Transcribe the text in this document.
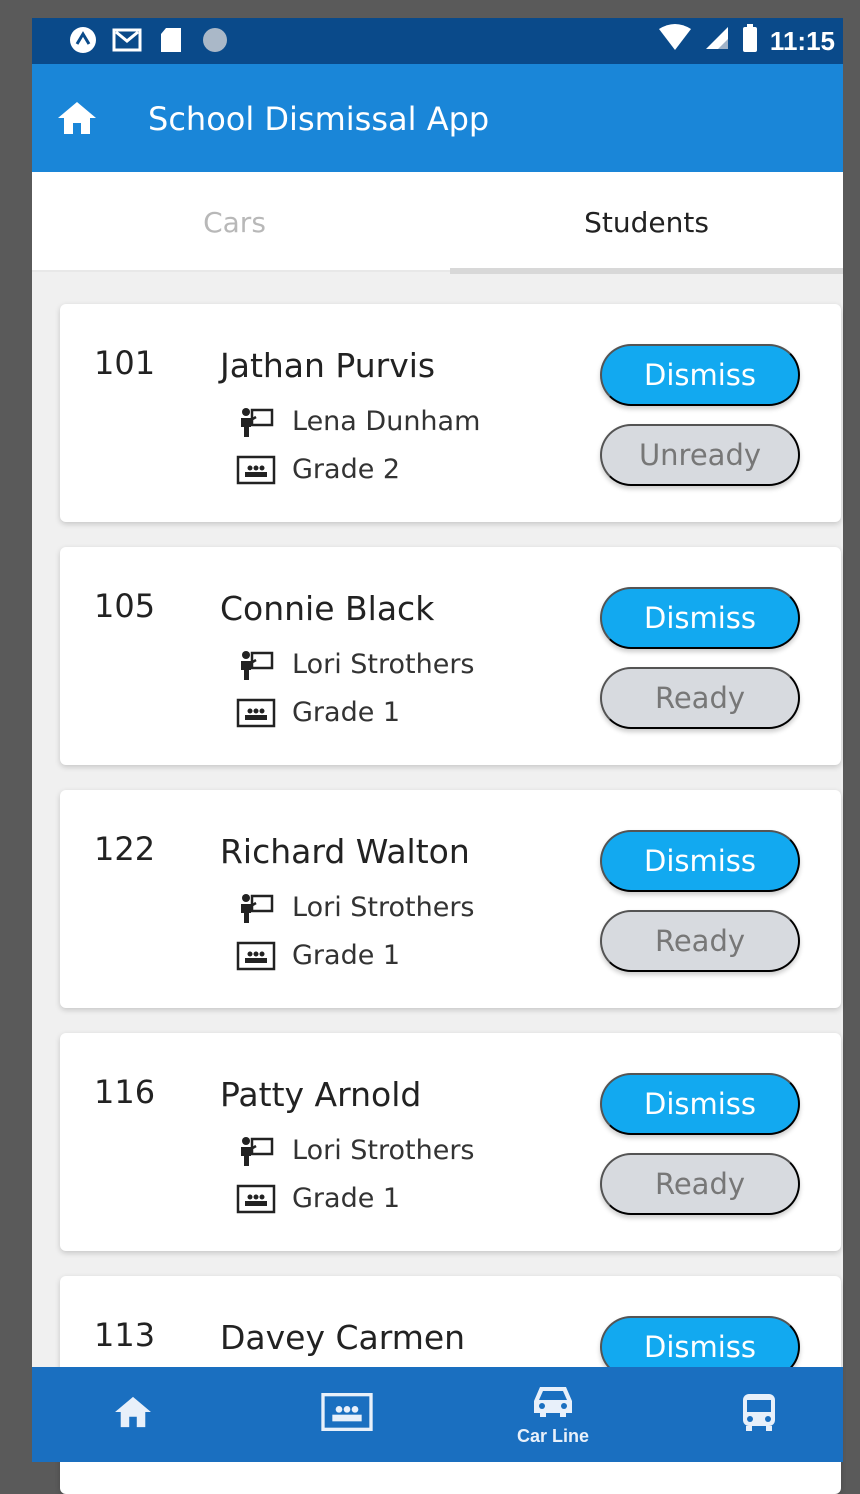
11:15
School Dismissal App
Cars	Students
101 Jathan Purvis
Lena Dunham
Grade 2
Dismiss
Unready
105 Connie Black
Lori Strothers
Grade 1
Dismiss
Ready
122 Richard Walton
Lori Strothers
Grade 1
Dismiss
Ready
116 Patty Arnold
Lori Strothers
Grade 1
Dismiss
Ready
113 Davey Carmen	Dismiss
Car Line
